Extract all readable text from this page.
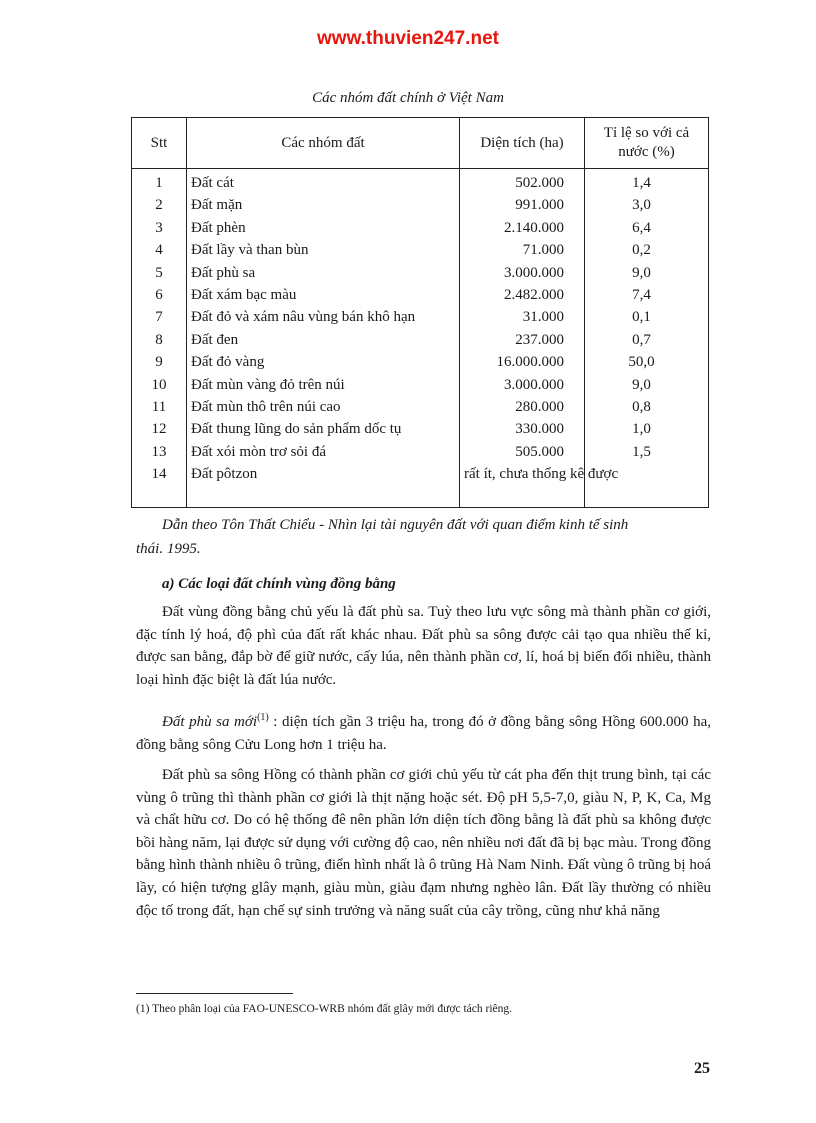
www.thuvien247.net
Các nhóm đất chính ở Việt Nam
Stt	Các nhóm đất	Diện tích (ha)	Tỉ lệ so với cả nước (%)
1	Đất cát	502.000	1,4
2	Đất mặn	991.000	3,0
3	Đất phèn	2.140.000	6,4
4	Đất lầy và than bùn	71.000	0,2
5	Đất phù sa	3.000.000	9,0
6	Đất xám bạc màu	2.482.000	7,4
7	Đất đỏ và xám nâu vùng bán khô hạn	31.000	0,1
8	Đất đen	237.000	0,7
9	Đất đỏ vàng	16.000.000	50,0
10	Đất mùn vàng đỏ trên núi	3.000.000	9,0
11	Đất mùn thô trên núi cao	280.000	0,8
12	Đất thung lũng do sản phẩm dốc tụ	330.000	1,0
13	Đất xói mòn trơ sỏi đá	505.000	1,5
14	Đất pôtzon	rất ít, chưa thống kê được	
Dẫn theo Tôn Thất Chiểu - Nhìn lại tài nguyên đất với quan điểm kinh tế sinh
thái. 1995.
a) Các loại đất chính vùng đồng bằng

Đất vùng đồng bằng chủ yếu là đất phù sa. Tuỳ theo lưu vực sông mà thành phần cơ giới, đặc tính lý hoá, độ phì của đất rất khác nhau. Đất phù sa sông được cải tạo qua nhiều thế kỉ, được san bằng, đắp bờ để giữ nước, cấy lúa, nên thành phần cơ, lí, hoá bị biến đổi nhiều, thành loại hình đặc biệt là đất lúa nước.

Đất phù sa mới$^{(1)}$ : diện tích gần 3 triệu ha, trong đó ở đồng bằng sông Hồng 600.000 ha, đồng bằng sông Cửu Long hơn 1 triệu ha.

Đất phù sa sông Hồng có thành phần cơ giới chủ yếu từ cát pha đến thịt trung bình, tại các vùng ô trũng thì thành phần cơ giới là thịt nặng hoặc sét. Độ pH 5,5-7,0, giàu N, P, K, Ca, Mg và chất hữu cơ. Do có hệ thống đê nên phần lớn diện tích đồng bằng là đất phù sa không được bồi hàng năm, lại được sử dụng với cường độ cao, nên nhiều nơi đất đã bị bạc màu. Trong đồng bằng hình thành nhiều ô trũng, điển hình nhất là ô trũng Hà Nam Ninh. Đất vùng ô trũng bị hoá lầy, có hiện tượng glây mạnh, giàu mùn, giàu đạm nhưng nghèo lân. Đất lầy thường có nhiều độc tố trong đất, hạn chế sự sinh trưởng và năng suất của cây trồng, cũng như khả năng

(1) Theo phân loại của FAO-UNESCO-WRB nhóm đất glây mới được tách riêng.
25
